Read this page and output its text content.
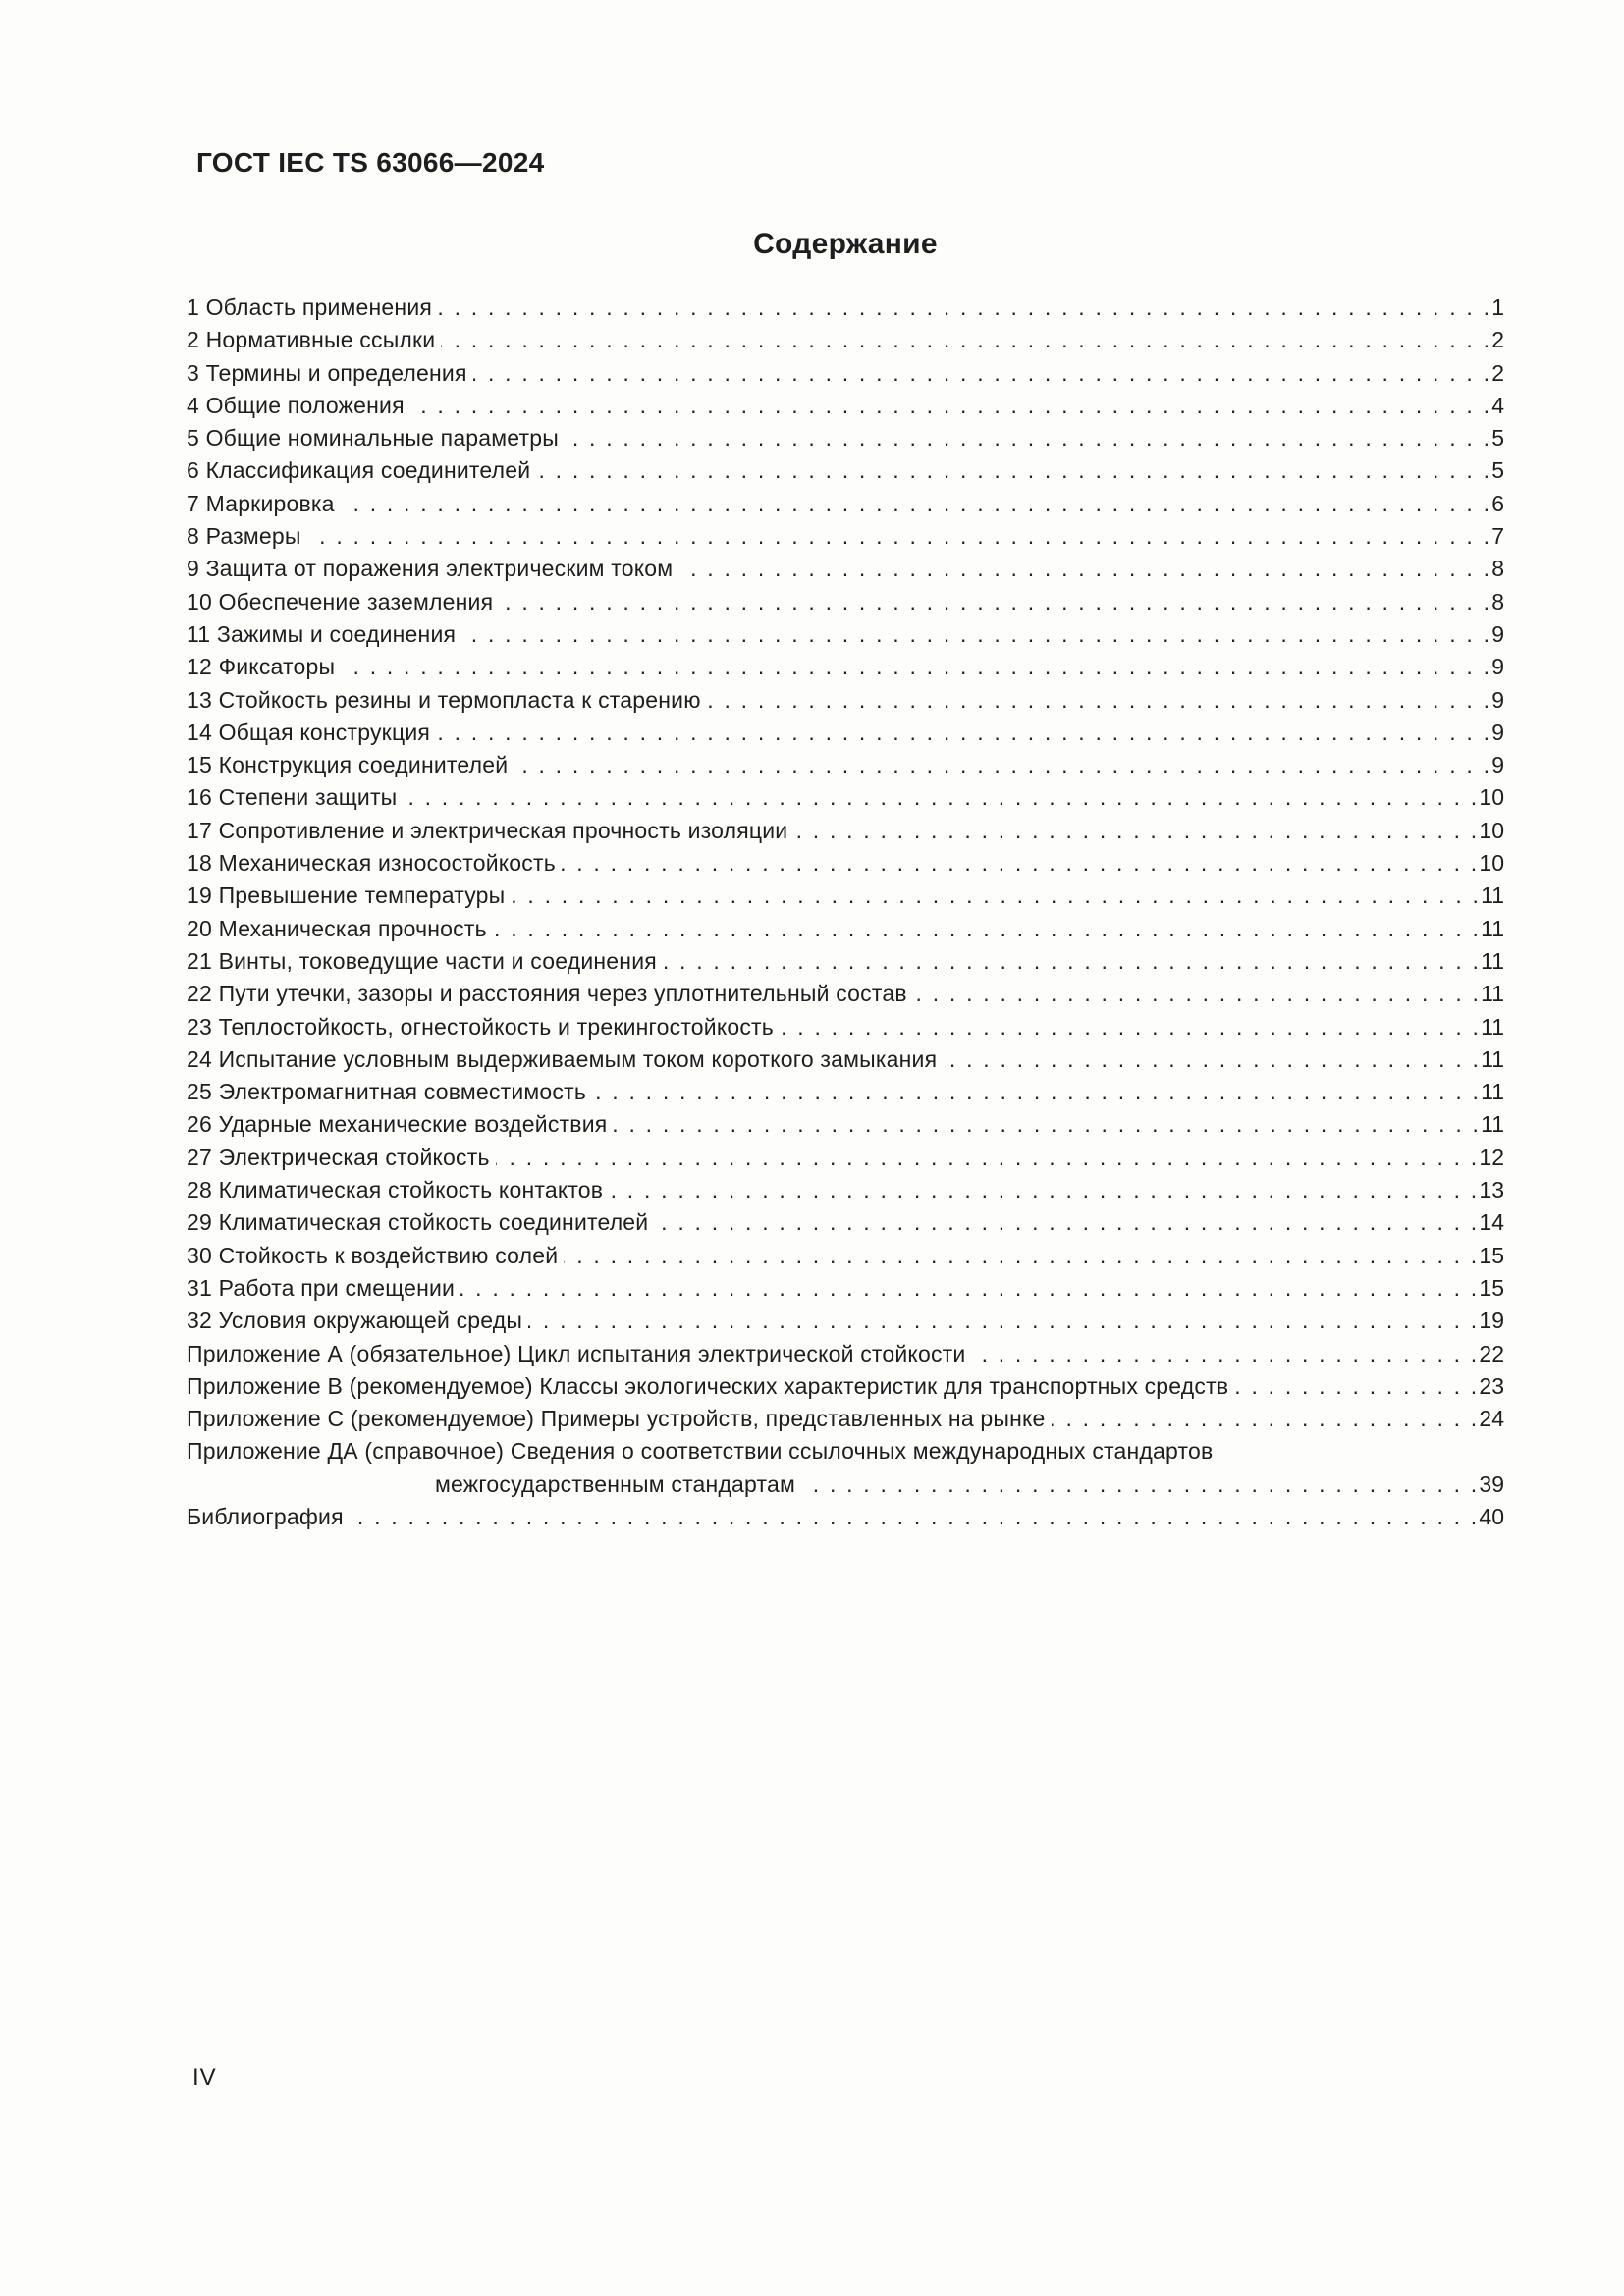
ГОСТ IEC TS 63066—2024
Содержание
1 Область применения . . .	1
2 Нормативные ссылки . . .	2
3 Термины и определения . . .	2
4 Общие положения . . .	4
5 Общие номинальные параметры . . .	5
6 Классификация соединителей . . .	5
7 Маркировка . . .	6
8 Размеры . . .	7
9 Защита от поражения электрическим током . . .	8
10 Обеспечение заземления . . .	8
11 Зажимы и соединения . . .	9
12 Фиксаторы . . .	9
13 Стойкость резины и термопласта к старению . . .	9
14 Общая конструкция . . .	9
15 Конструкция соединителей . . .	9
16 Степени защиты . . .	10
17 Сопротивление и электрическая прочность изоляции . . .	10
18 Механическая износостойкость . . .	10
19 Превышение температуры . . .	11
20 Механическая прочность . . .	11
21 Винты, токоведущие части и соединения . . .	11
22 Пути утечки, зазоры и расстояния через уплотнительный состав . . .	11
23 Теплостойкость, огнестойкость и трекингостойкость . . .	11
24 Испытание условным выдерживаемым током короткого замыкания . . .	11
25 Электромагнитная совместимость . . .	11
26 Ударные механические воздействия . . .	11
27 Электрическая стойкость . . .	12
28 Климатическая стойкость контактов . . .	13
29 Климатическая стойкость соединителей . . .	14
30 Стойкость к воздействию солей . . .	15
31 Работа при смещении . . .	15
32 Условия окружающей среды . . .	19
Приложение А (обязательное) Цикл испытания электрической стойкости . . .	22
Приложение В (рекомендуемое) Классы экологических характеристик для транспортных средств . . .	23
Приложение С (рекомендуемое) Примеры устройств, представленных на рынке . . .	24
Приложение ДА (справочное) Сведения о соответствии ссылочных международных стандартов
межгосударственным стандартам . . .	39
Библиография . . .	40
IV
